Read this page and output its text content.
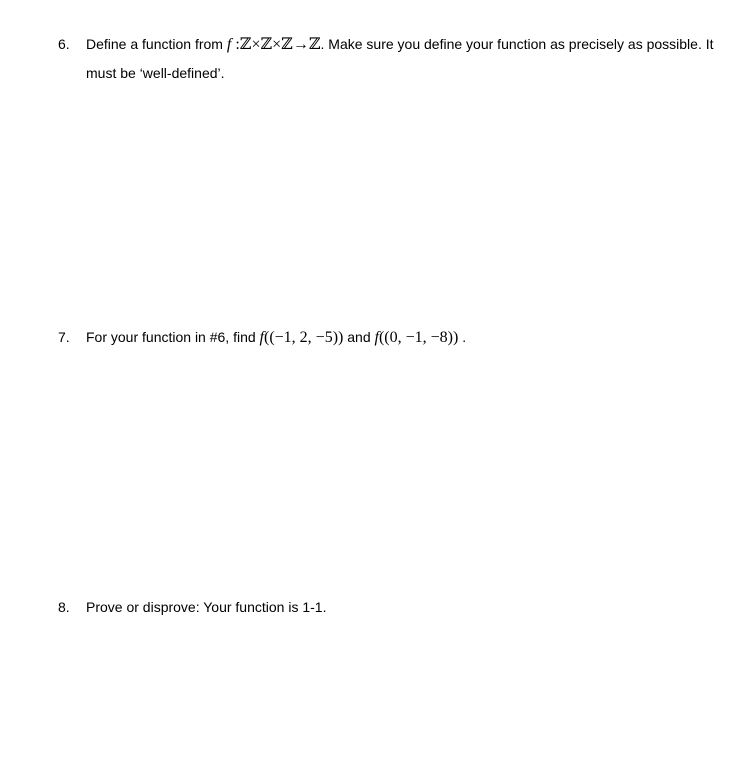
6. Define a function from f :ℤ×ℤ×ℤ→ℤ. Make sure you define your function as precisely as possible. It must be ‘well-defined’.
7. For your function in #6, find f((−1, 2, −5)) and f((0, −1, −8)) .
8. Prove or disprove: Your function is 1-1.
